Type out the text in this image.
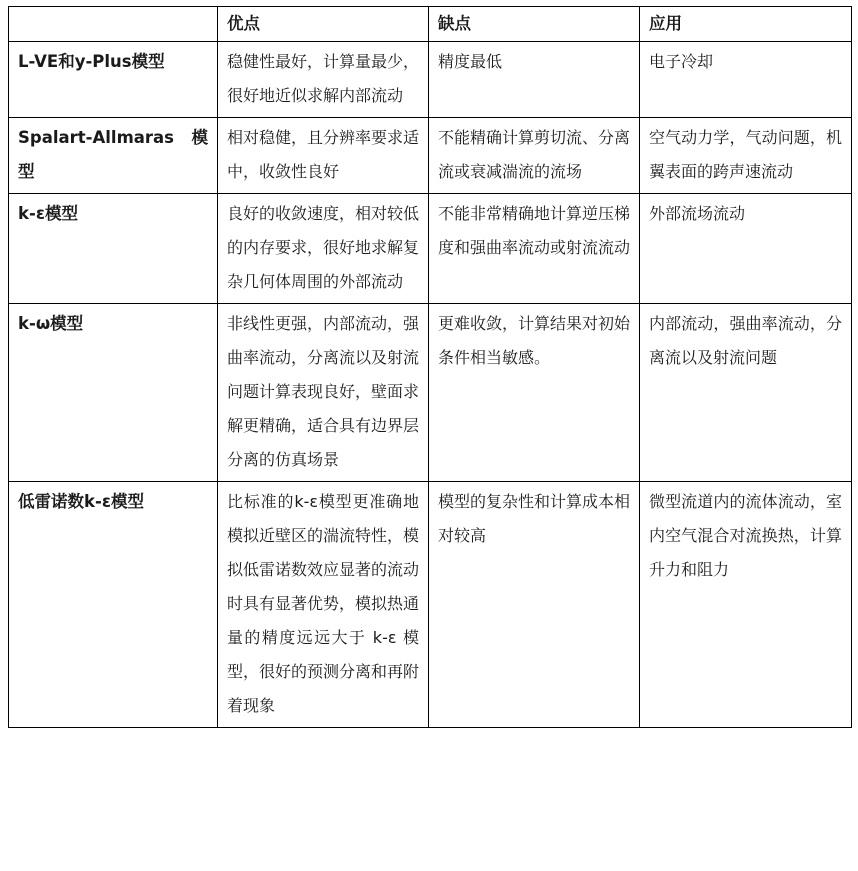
	优点	缺点	应用
L-VE和y-Plus模型	稳健性最好，计算量最少，很好地近似求解内部流动	精度最低	电子冷却
Spalart-Allmaras 模型	相对稳健，且分辨率要求适中，收敛性良好	不能精确计算剪切流、分离流或衰减湍流的流场	空气动力学，气动问题，机翼表面的跨声速流动
k-ε模型	良好的收敛速度，相对较低的内存要求，很好地求解复杂几何体周围的外部流动	不能非常精确地计算逆压梯度和强曲率流动或射流流动	外部流场流动
k-ω模型	非线性更强，内部流动，强曲率流动，分离流以及射流问题计算表现良好，壁面求解更精确，适合具有边界层分离的仿真场景	更难收敛，计算结果对初始条件相当敏感。	内部流动，强曲率流动，分离流以及射流问题
低雷诺数k-ε模型	比标准的k-ε模型更准确地模拟近壁区的湍流特性，模拟低雷诺数效应显著的流动时具有显著优势，模拟热通量的精度远远大于 k-ε 模型，很好的预测分离和再附着现象	模型的复杂性和计算成本相对较高	微型流道内的流体流动，室内空气混合对流换热，计算升力和阻力
